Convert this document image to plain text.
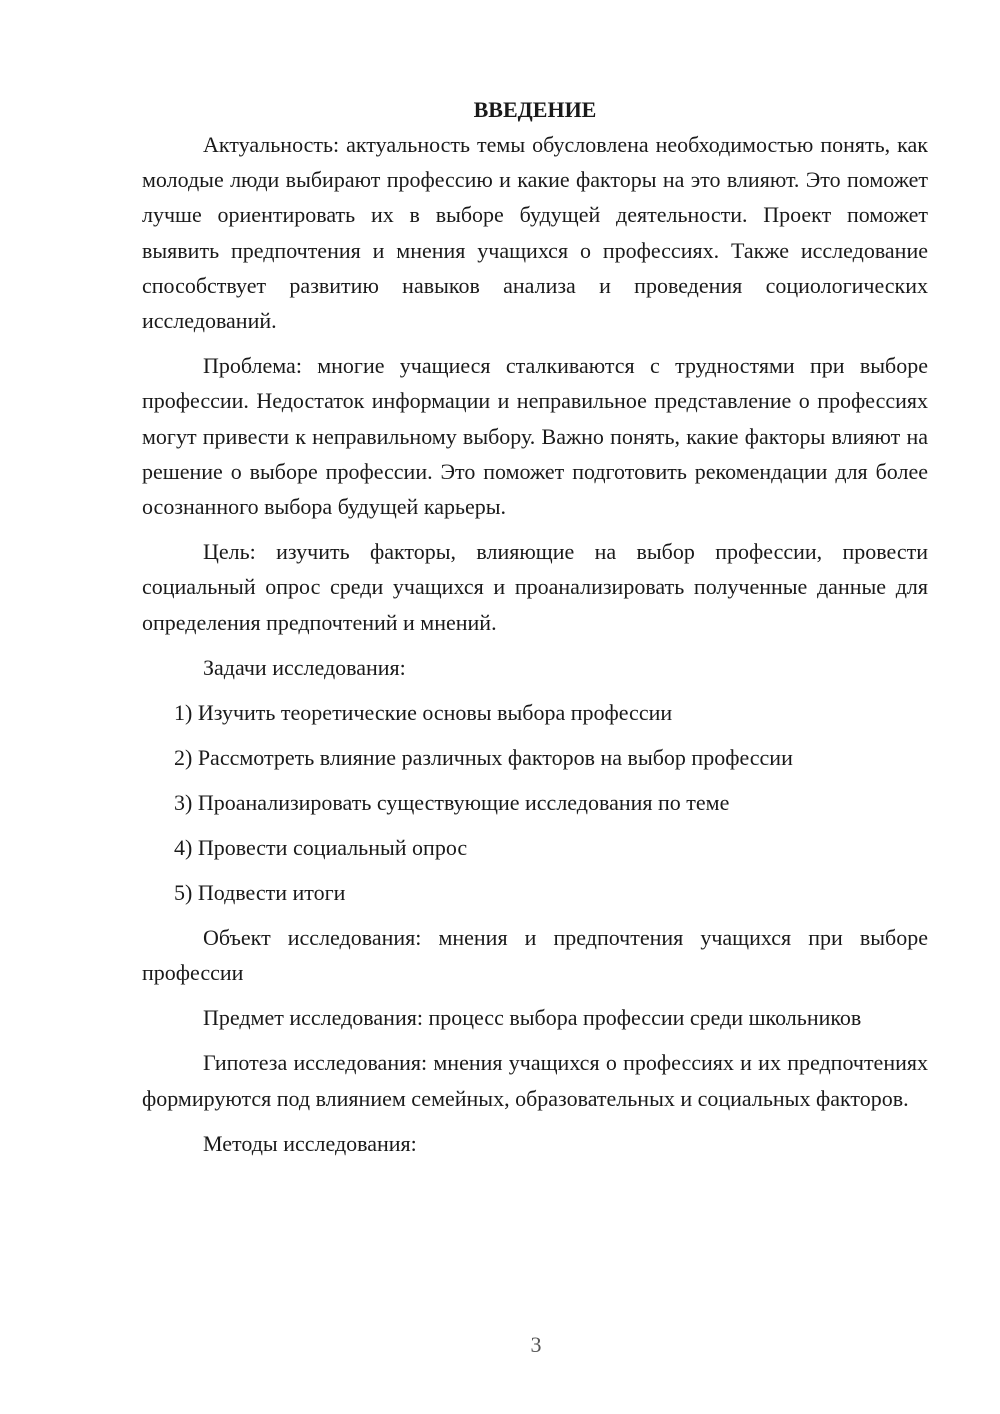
ВВЕДЕНИЕ

Актуальность: актуальность темы обусловлена необходимостью понять, как молодые люди выбирают профессию и какие факторы на это влияют. Это поможет лучше ориентировать их в выборе будущей деятельности. Проект поможет выявить предпочтения и мнения учащихся о профессиях. Также исследование способствует развитию навыков анализа и проведения социологических исследований.

Проблема: многие учащиеся сталкиваются с трудностями при выборе профессии. Недостаток информации и неправильное представление о профессиях могут привести к неправильному выбору. Важно понять, какие факторы влияют на решение о выборе профессии. Это поможет подготовить рекомендации для более осознанного выбора будущей карьеры.

Цель: изучить факторы, влияющие на выбор профессии, провести социальный опрос среди учащихся и проанализировать полученные данные для определения предпочтений и мнений.

Задачи исследования:

1) Изучить теоретические основы выбора профессии
2) Рассмотреть влияние различных факторов на выбор профессии
3) Проанализировать существующие исследования по теме
4) Провести социальный опрос
5) Подвести итоги

Объект исследования: мнения и предпочтения учащихся при выборе профессии

Предмет исследования: процесс выбора профессии среди школьников

Гипотеза исследования: мнения учащихся о профессиях и их предпочтениях формируются под влиянием семейных, образовательных и социальных факторов.

Методы исследования:

3
